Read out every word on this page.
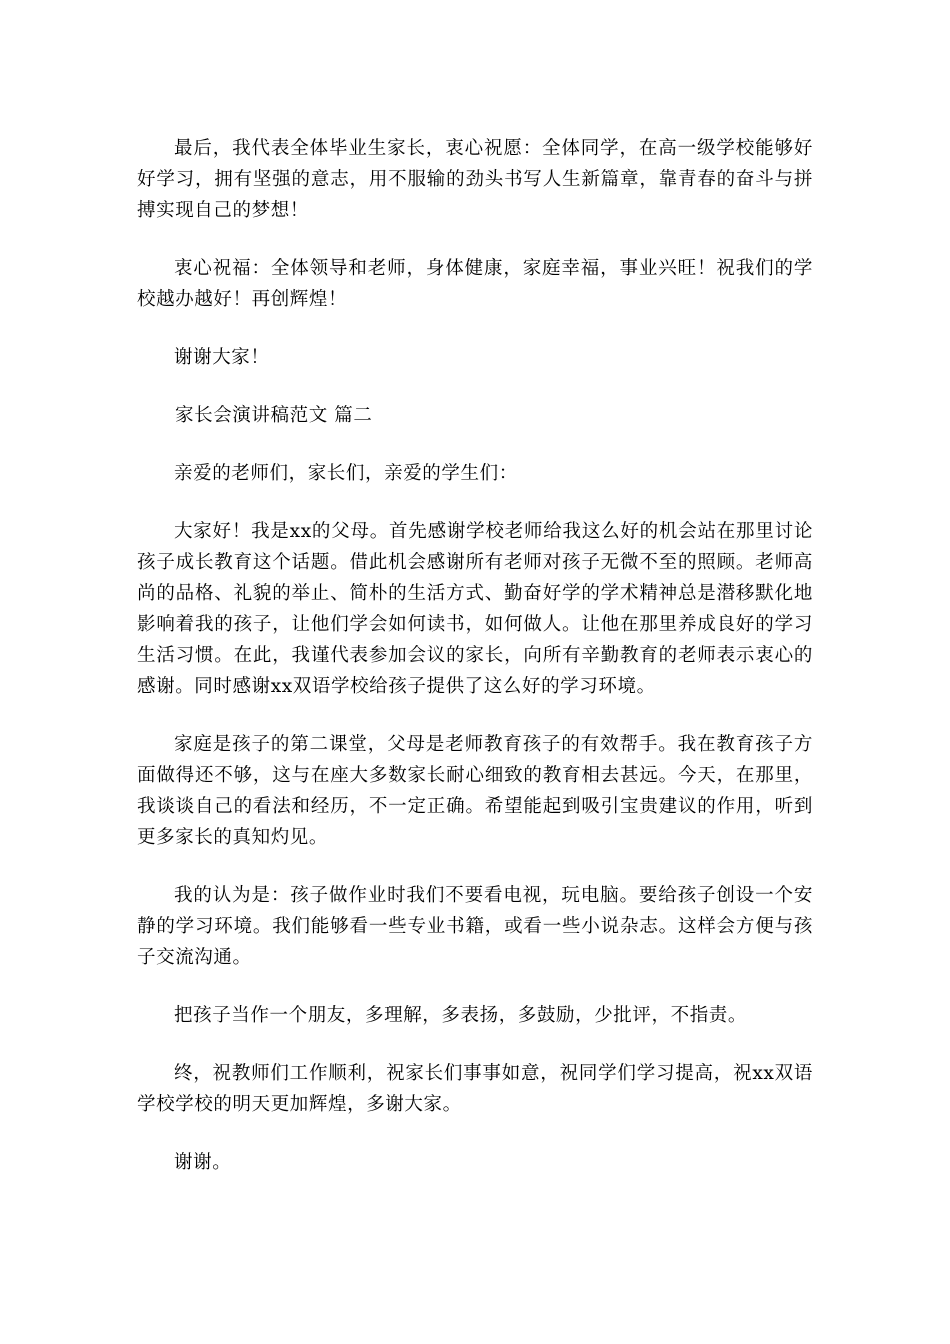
最后，我代表全体毕业生家长，衷心祝愿：全体同学，在高一级学校能够好好学习，拥有坚强的意志，用不服输的劲头书写人生新篇章，靠青春的奋斗与拼搏实现自己的梦想！

衷心祝福：全体领导和老师，身体健康，家庭幸福，事业兴旺！祝我们的学校越办越好！再创辉煌！

谢谢大家！

家长会演讲稿范文 篇二

亲爱的老师们，家长们，亲爱的学生们：

大家好！我是xx的父母。首先感谢学校老师给我这么好的机会站在那里讨论孩子成长教育这个话题。借此机会感谢所有老师对孩子无微不至的照顾。老师高尚的品格、礼貌的举止、简朴的生活方式、勤奋好学的学术精神总是潜移默化地影响着我的孩子，让他们学会如何读书，如何做人。让他在那里养成良好的学习生活习惯。在此，我谨代表参加会议的家长，向所有辛勤教育的老师表示衷心的感谢。同时感谢xx双语学校给孩子提供了这么好的学习环境。

家庭是孩子的第二课堂，父母是老师教育孩子的有效帮手。我在教育孩子方面做得还不够，这与在座大多数家长耐心细致的教育相去甚远。今天，在那里，我谈谈自己的看法和经历，不一定正确。希望能起到吸引宝贵建议的作用，听到更多家长的真知灼见。

我的认为是：孩子做作业时我们不要看电视，玩电脑。要给孩子创设一个安静的学习环境。我们能够看一些专业书籍，或看一些小说杂志。这样会方便与孩子交流沟通。

把孩子当作一个朋友，多理解，多表扬，多鼓励，少批评，不指责。

终，祝教师们工作顺利，祝家长们事事如意，祝同学们学习提高，祝xx双语学校学校的明天更加辉煌，多谢大家。

谢谢。
